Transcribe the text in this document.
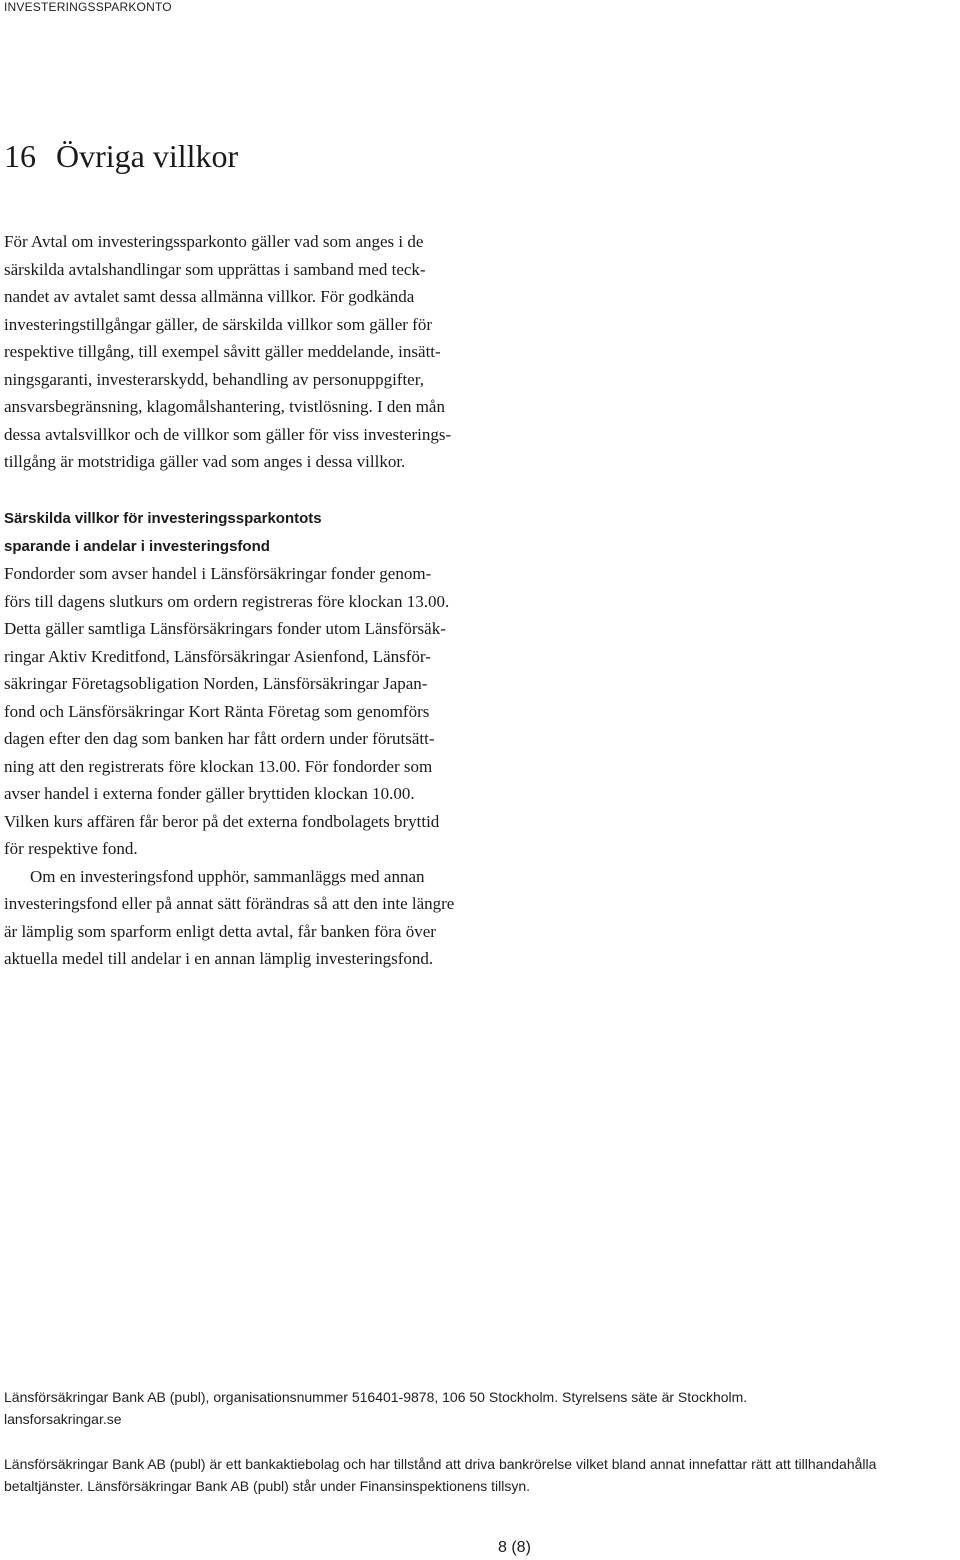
INVESTERINGSSPARKONTO
16 Övriga villkor
För Avtal om investeringssparkonto gäller vad som anges i de
särskilda avtalshandlingar som upprättas i samband med teck-
nandet av avtalet samt dessa allmänna villkor. För godkända
investeringstillgångar gäller, de särskilda villkor som gäller för
respektive tillgång, till exempel såvitt gäller meddelande, insätt-
ningsgaranti, investerarskydd, behandling av personuppgifter,
ansvarsbegränsning, klagomålshantering, tvistlösning. I den mån
dessa avtalsvillkor och de villkor som gäller för viss investerings-
tillgång är motstridiga gäller vad som anges i dessa villkor.
Särskilda villkor för investeringssparkontots
sparande i andelar i investeringsfond
Fondorder som avser handel i Länsförsäkringar fonder genom-
förs till dagens slutkurs om ordern registreras före klockan 13.00.
Detta gäller samtliga Länsförsäkringars fonder utom Länsförsäk-
ringar Aktiv Kreditfond, Länsförsäkringar Asienfond, Länsför-
säkringar Företagsobligation Norden, Länsförsäkringar Japan-
fond och Länsförsäkringar Kort Ränta Företag som genomförs
dagen efter den dag som banken har fått ordern under förutsätt-
ning att den registrerats före klockan 13.00. För fondorder som
avser handel i externa fonder gäller bryttiden klockan 10.00.
Vilken kurs affären får beror på det externa fondbolagets bryttid
för respektive fond.
Om en investeringsfond upphör, sammanläggs med annan
investeringsfond eller på annat sätt förändras så att den inte längre
är lämplig som sparform enligt detta avtal, får banken föra över
aktuella medel till andelar i en annan lämplig investeringsfond.
Länsförsäkringar Bank AB (publ), organisationsnummer 516401-9878, 106 50 Stockholm. Styrelsens säte är Stockholm.
lansforsakringar.se
Länsförsäkringar Bank AB (publ) är ett bankaktiebolag och har tillstånd att driva bankrörelse vilket bland annat innefattar rätt att tillhandahålla
betaltjänster. Länsförsäkringar Bank AB (publ) står under Finansinspektionens tillsyn.
8 (8)
